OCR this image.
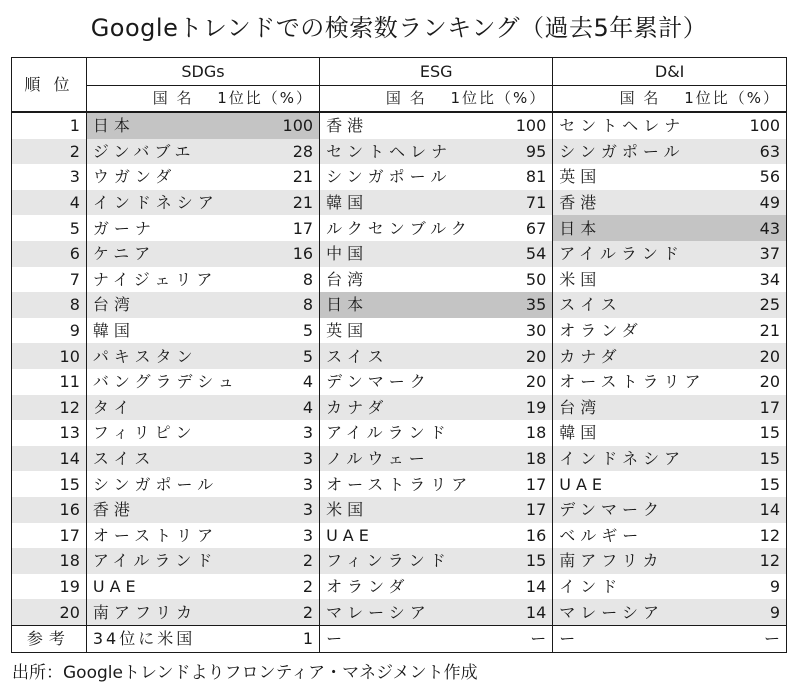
Googleトレンドでの検索数ランキング（過去5年累計）
順 位	SDGs		ESG		D&I	
	国 名　 1位比（%）		国 名　 1位比（%）		国 名　 1位比（%）	
1	日本	100	香港	100	セントヘレナ	100
2	ジンバブエ	28	セントヘレナ	95	シンガポール	63
3	ウガンダ	21	シンガポール	81	英国	56
4	インドネシア	21	韓国	71	香港	49
5	ガーナ	17	ルクセンブルク	67	日本	43
6	ケニア	16	中国	54	アイルランド	37
7	ナイジェリア	8	台湾	50	米国	34
8	台湾	8	日本	35	スイス	25
9	韓国	5	英国	30	オランダ	21
10	パキスタン	5	スイス	20	カナダ	20
11	バングラデシュ	4	デンマーク	20	オーストラリア	20
12	タイ	4	カナダ	19	台湾	17
13	フィリピン	3	アイルランド	18	韓国	15
14	スイス	3	ノルウェー	18	インドネシア	15
15	シンガポール	3	オーストラリア	17	UAE	15
16	香港	3	米国	17	デンマーク	14
17	オーストリア	3	UAE	16	ベルギー	12
18	アイルランド	2	フィンランド	15	南アフリカ	12
19	UAE	2	オランダ	14	インド	9
20	南アフリカ	2	マレーシア	14	マレーシア	9
参考	34位に米国	1	ー	ー	ー	ー
出所：Googleトレンドよりフロンティア・マネジメント作成
